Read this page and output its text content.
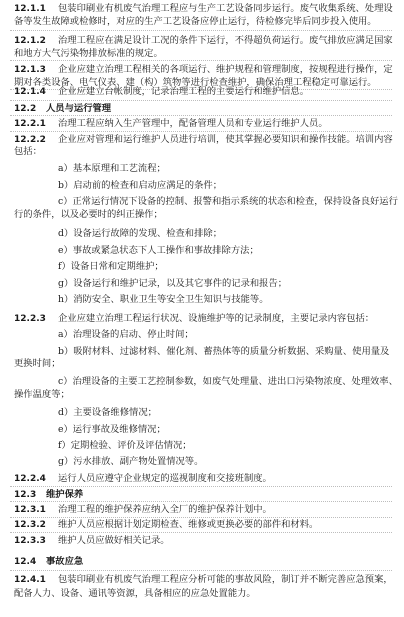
12.1.1 包装印刷业有机废气治理工程应与生产工艺设备同步运行。废气收集系统、处理设
备等发生故障或检修时，对应的生产工艺设备应停止运行，待检修完毕后同步投入使用。
12.1.2 治理工程应在满足设计工况的条件下运行，不得超负荷运行。废气排放应满足国家
和地方大气污染物排放标准的规定。
12.1.3 企业应建立治理工程相关的各项运行、维护规程和管理制度，按规程进行操作，定
期对各类设备、电气仪表、建（构）筑物等进行检查维护，确保治理工程稳定可靠运行。
12.1.4 企业应建立台帐制度，记录治理工程的主要运行和维护信息。
12.2 人员与运行管理
12.2.1 治理工程应纳入生产管理中，配备管理人员和专业运行维护人员。
12.2.2 企业应对管理和运行维护人员进行培训，使其掌握必要知识和操作技能。培训内容
包括：
a）基本原理和工艺流程；
b）启动前的检查和启动应满足的条件；
c）正常运行情况下设备的控制、报警和指示系统的状态和检查，保持设备良好运行
行的条件，以及必要时的纠正操作；
d）设备运行故障的发现、检查和排除；
e）事故或紧急状态下人工操作和事故排除方法；
f）设备日常和定期维护；
g）设备运行和维护记录，以及其它事件的记录和报告；
h）消防安全、职业卫生等安全卫生知识与技能等。
12.2.3 企业应建立治理工程运行状况、设施维护等的记录制度，主要记录内容包括：
a）治理设备的启动、停止时间；
b）吸附材料、过滤材料、催化剂、蓄热体等的质量分析数据、采购量、使用量及
更换时间；
c）治理设备的主要工艺控制参数，如废气处理量、进出口污染物浓度、处理效率、
操作温度等；
d）主要设备维修情况；
e）运行事故及维修情况；
f）定期检验、评价及评估情况；
g）污水排放、副产物处置情况等。
12.2.4 运行人员应遵守企业规定的巡视制度和交接班制度。
12.3 维护保养
12.3.1 治理工程的维护保养应纳入全厂的维护保养计划中。
12.3.2 维护人员应根据计划定期检查、维修或更换必要的部件和材料。
12.3.3 维护人员应做好相关记录。
12.4 事故应急
12.4.1 包装印刷业有机废气治理工程应分析可能的事故风险，制订并不断完善应急预案，
配备人力、设备、通讯等资源，具备相应的应急处置能力。
